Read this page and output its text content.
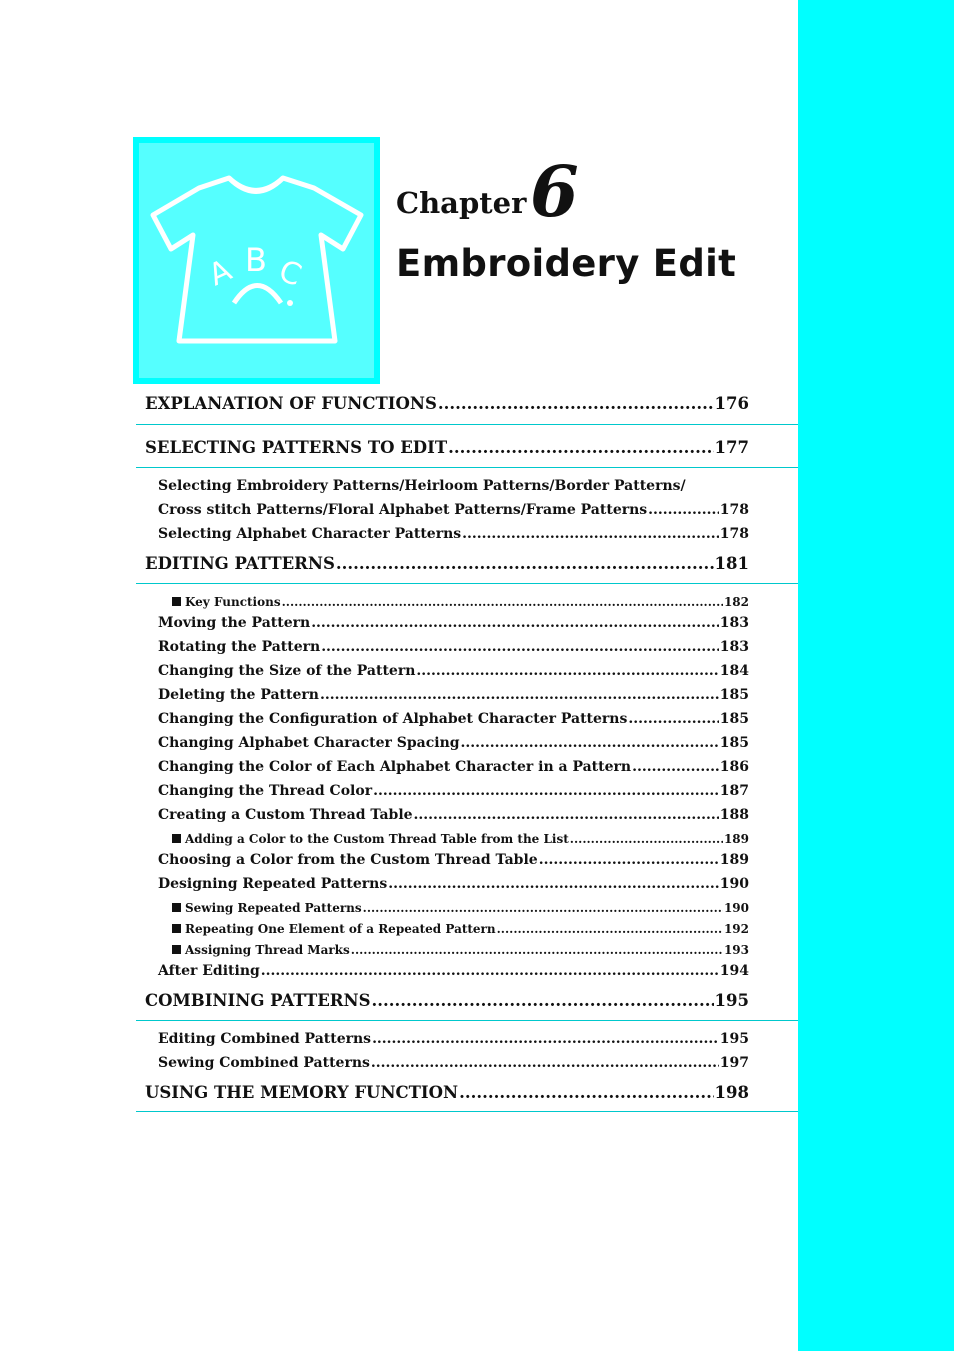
A B C
Chapter 6
Embroidery Edit
EXPLANATION OF FUNCTIONS .....	176
SELECTING PATTERNS TO EDIT .....	177
Selecting Embroidery Patterns/Heirloom Patterns/Border Patterns/
Cross stitch Patterns/Floral Alphabet Patterns/Frame Patterns .....	178
Selecting Alphabet Character Patterns .....	178
EDITING PATTERNS .....	181
Key Functions .....	182
Moving the Pattern .....	183
Rotating the Pattern .....	183
Changing the Size of the Pattern .....	184
Deleting the Pattern .....	185
Changing the Configuration of Alphabet Character Patterns .....	185
Changing Alphabet Character Spacing .....	185
Changing the Color of Each Alphabet Character in a Pattern .....	186
Changing the Thread Color .....	187
Creating a Custom Thread Table .....	188
Adding a Color to the Custom Thread Table from the List .....	189
Choosing a Color from the Custom Thread Table .....	189
Designing Repeated Patterns .....	190
Sewing Repeated Patterns .....	190
Repeating One Element of a Repeated Pattern .....	192
Assigning Thread Marks .....	193
After Editing .....	194
COMBINING PATTERNS .....	195
Editing Combined Patterns .....	195
Sewing Combined Patterns .....	197
USING THE MEMORY FUNCTION .....	198
